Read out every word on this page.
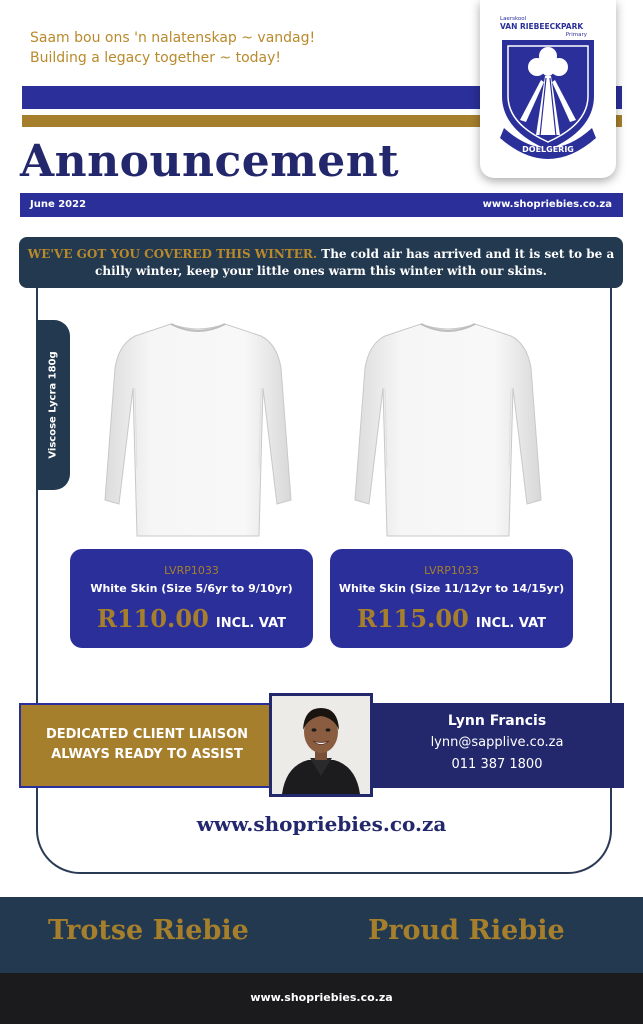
Saam bou ons 'n nalatenskap ~ vandag!
Building a legacy together ~ today!
Laerskool
VAN RIEBEECKPARK
Primary
DOELGERIG
Announcement
June 2022	www.shopriebies.co.za
WE'VE GOT YOU COVERED THIS WINTER. The cold air has arrived and it is set to be a chilly winter, keep your little ones warm this winter with our skins.
Viscose Lycra 180g
LVRP1033
White Skin (Size 5/6yr to 9/10yr)
R110.00 INCL. VAT
LVRP1033
White Skin (Size 11/12yr to 14/15yr)
R115.00 INCL. VAT
DEDICATED CLIENT LIAISON
ALWAYS READY TO ASSIST
Lynn Francis
lynn@sapplive.co.za
011 387 1800
www.shopriebies.co.za
Trotse Riebie	Proud Riebie
www.shopriebies.co.za
